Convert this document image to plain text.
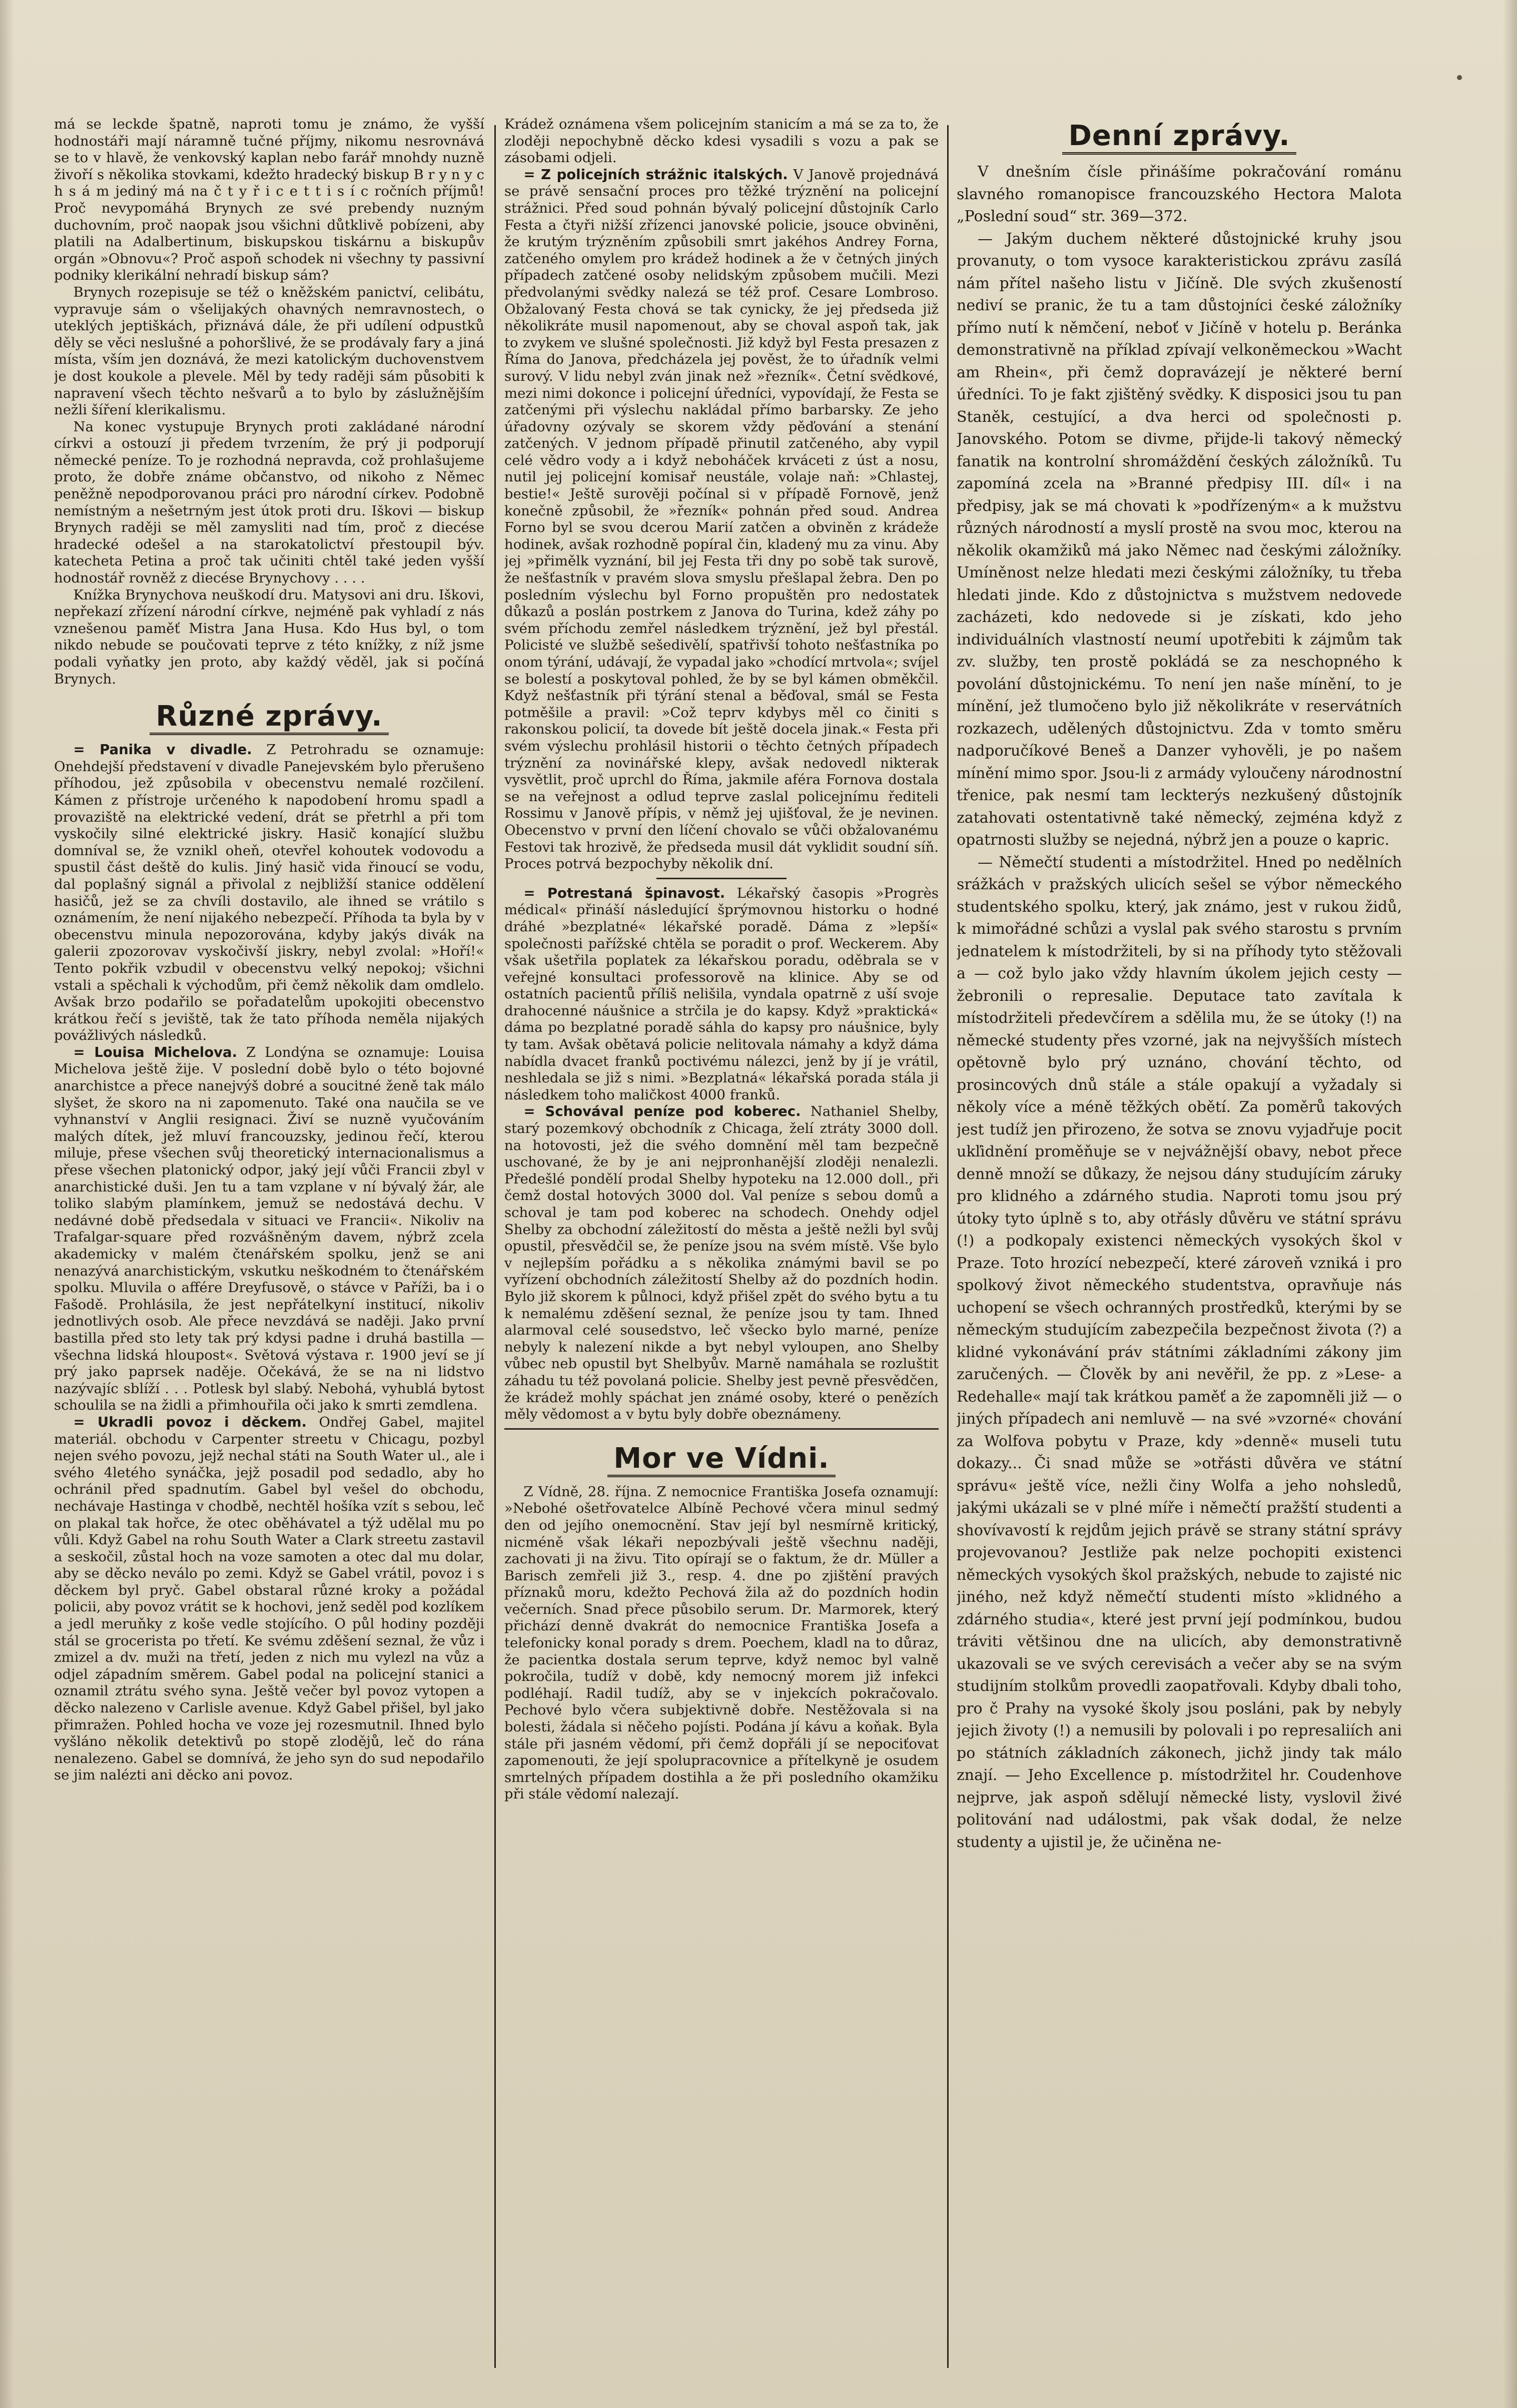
má se leckde špatně, naproti tomu je známo, že vyšší hodnostáři mají náramně tučné příjmy, nikomu nesrovnává se to v hlavě, že venkovský kaplan nebo farář mnohdy nuzně živoří s několika stovkami, kdežto hradecký biskup B r y n y c h s á m jediný má na č t y ř i c e t t i s í c ročních příjmů! Proč nevypomáhá Brynych ze své prebendy nuzným duchovním, proč naopak jsou všichni důtklivě pobízeni, aby platili na Adalbertinum, biskupskou tiskárnu a biskupův orgán »Obnovu«? Proč aspoň schodek ni všechny ty passivní podniky klerikální nehradí biskup sám?

Brynych rozepisuje se též o kněžském panictví, celibátu, vypravuje sám o všelijakých ohavných nemravnostech, o uteklých jeptiškách, přiznává dále, že při udílení odpustků děly se věci neslušné a pohoršlivé, že se prodávaly fary a jiná místa, vším jen doznává, že mezi katolickým duchovenstvem je dost koukole a plevele. Měl by tedy raději sám působiti k napravení všech těchto nešvarů a to bylo by záslužnějším nežli šíření klerikalismu.

Na konec vystupuje Brynych proti zakládané národní církvi a ostouzí ji předem tvrzením, že prý ji podporují německé peníze. To je rozhodná nepravda, což prohlašujeme proto, že dobře známe občanstvo, od nikoho z Němec peněžně nepodporovanou práci pro národní církev. Podobně nemístným a nešetrným jest útok proti dru. Iškovi — biskup Brynych raději se měl zamysliti nad tím, proč z diecése hradecké odešel a na starokatolictví přestoupil býv. katecheta Petina a proč tak učiniti chtěl také jeden vyšší hodnostář rovněž z diecése Brynychovy . . . .

Knížka Brynychova neuškodí dru. Matysovi ani dru. Iškovi, nepřekazí zřízení národní církve, nejméně pak vyhladí z nás vznešenou paměť Mistra Jana Husa. Kdo Hus byl, o tom nikdo nebude se poučovati teprve z této knížky, z níž jsme podali vyňatky jen proto, aby každý věděl, jak si počíná Brynych.

Různé zprávy.

= Panika v divadle. Z Petrohradu se oznamuje: Onehdejší představení v divadle Panejevském bylo přerušeno příhodou, jež způsobila v obecenstvu nemalé rozčilení. Kámen z přístroje určeného k napodobení hromu spadl a provaziště na elektrické vedení, drát se přetrhl a při tom vyskočily silné elektrické jiskry. Hasič konající službu domníval se, že vznikl oheň, otevřel kohoutek vodovodu a spustil část deště do kulis. Jiný hasič vida řinoucí se vodu, dal poplašný signál a přivolal z nejbližší stanice oddělení hasičů, jež se za chvíli dostavilo, ale ihned se vrátilo s oznámením, že není nijakého nebezpečí. Příhoda ta byla by v obecenstvu minula nepozorována, kdyby jakýs divák na galerii zpozorovav vyskočivší jiskry, nebyl zvolal: »Hoří!« Tento pokřik vzbudil v obecenstvu velký nepokoj; všichni vstali a spěchali k východům, při čemž několik dam omdlelo. Avšak brzo podařilo se pořadatelům upokojiti obecenstvo krátkou řečí s jeviště, tak že tato příhoda neměla nijakých povážlivých následků.

= Louisa Michelova. Z Londýna se oznamuje: Louisa Michelova ještě žije. V poslední době bylo o této bojovné anarchistce a přece nanejvýš dobré a soucitné ženě tak málo slyšet, že skoro na ni zapomenuto. Také ona naučila se ve vyhnanství v Anglii resignaci. Živí se nuzně vyučováním malých dítek, jež mluví francouzsky, jedinou řečí, kterou miluje, přese všechen svůj theoretický internacionalismus a přese všechen platonický odpor, jaký její vůči Francii zbyl v anarchistické duši. Jen tu a tam vzplane v ní bývalý žár, ale toliko slabým plamínkem, jemuž se nedostává dechu. V nedávné době předsedala v situaci ve Francii«. Nikoliv na Trafalgar-square před rozvášněným davem, nýbrž zcela akademicky v malém čtenářském spolku, jenž se ani nenazývá anarchistickým, vskutku neškodném to čtenářském spolku. Mluvila o affére Dreyfusově, o stávce v Paříži, ba i o Fašodě. Prohlásila, že jest nepřátelkyní institucí, nikoliv jednotlivých osob. Ale přece nevzdává se naději. Jako první bastilla před sto lety tak prý kdysi padne i druhá bastilla — všechna lidská hloupost«. Světová výstava r. 1900 jeví se jí prý jako paprsek naděje. Očekává, že se na ni lidstvo nazývajíc sblíží . . . Potlesk byl slabý. Nebohá, vyhublá bytost schoulila se na židli a přimhouřila oči jako k smrti zemdlena.

= Ukradli povoz i děckem. Ondřej Gabel, majitel materiál. obchodu v Carpenter streetu v Chicagu, pozbyl nejen svého povozu, jejž nechal státi na South Water ul., ale i svého 4letého synáčka, jejž posadil pod sedadlo, aby ho ochránil před spadnutím. Gabel byl vešel do obchodu, nechávaje Hastinga v chodbě, nechtěl hošíka vzít s sebou, leč on plakal tak hořce, že otec oběhávatel a týž udělal mu po vůli. Když Gabel na rohu South Water a Clark streetu zastavil a seskočil, zůstal hoch na voze samoten a otec dal mu dolar, aby se děcko neválo po zemi. Když se Gabel vrátil, povoz i s děckem byl pryč. Gabel obstaral různé kroky a požádal policii, aby povoz vrátit se k hochovi, jenž seděl pod kozlíkem a jedl meruňky z koše vedle stojícího. O půl hodiny později stál se grocerista po třetí. Ke svému zděšení seznal, že vůz i zmizel a dv. muži na třetí, jeden z nich mu vylezl na vůz a odjel západním směrem. Gabel podal na policejní stanici a oznamil ztrátu svého syna. Ještě večer byl povoz vytopen a děcko nalezeno v Carlisle avenue. Když Gabel přišel, byl jako přimražen. Pohled hocha ve voze jej rozesmutnil. Ihned bylo vyšláno několik detektivů po stopě zlodějů, leč do rána nenalezeno. Gabel se domnívá, že jeho syn do sud nepodařilo se jim nalézti ani děcko ani povoz.

Krádež oznámena všem policejním stanicím a má se za to, že zloději nepochybně děcko kdesi vysadili s vozu a pak se zásobami odjeli.

= Z policejních strážnic italských. V Janově projednává se právě sensační proces pro těžké trýznění na policejní strážnici. Před soud pohnán bývalý policejní důstojník Carlo Festa a čtyři nižší zřízenci janovské policie, jsouce obviněni, že krutým trýzněním způsobili smrt jakéhos Andrey Forna, zatčeného omylem pro krádež hodinek a že v četných jiných případech zatčené osoby nelidským způsobem mučili. Mezi předvolanými svědky nalezá se též prof. Cesare Lombroso. Obžalovaný Festa chová se tak cynicky, že jej předseda již několikráte musil napomenout, aby se choval aspoň tak, jak to zvykem ve slušné společnosti. Již když byl Festa presazen z Říma do Janova, předcházela jej pověst, že to úřadník velmi surový. V lidu nebyl zván jinak než »řezník«. Četní svědkové, mezi nimi dokonce i policejní úředníci, vypovídají, že Festa se zatčenými při výslechu nakládal přímo barbarsky. Ze jeho úřadovny ozývaly se skorem vždy pěďování a stenání zatčených. V jednom případě přinutil zatčeného, aby vypil celé vědro vody a i když neboháček krváceti z úst a nosu, nutil jej policejní komisař neustále, volaje naň: »Chlastej, bestie!« Ještě surověji počínal si v případě Fornově, jenž konečně způsobil, že »řezník« pohnán před soud. Andrea Forno byl se svou dcerou Marií zatčen a obviněn z krádeže hodinek, avšak rozhodně popíral čin, kladený mu za vinu. Aby jej »přimělk vyznání, bil jej Festa tři dny po sobě tak surově, že nešťastník v pravém slova smyslu přešlapal žebra. Den po posledním výslechu byl Forno propuštěn pro nedostatek důkazů a poslán postrkem z Janova do Turina, kdež záhy po svém příchodu zemřel následkem trýznění, jež byl přestál. Policisté ve službě sešedivělí, spatřivší tohoto nešťastníka po onom týrání, udávají, že vypadal jako »chodící mrtvola«; svíjel se bolestí a poskytoval pohled, že by se byl kámen obměkčil. Když nešťastník při týrání stenal a běďoval, smál se Festa potměšile a pravil: »Což teprv kdybys měl co činiti s rakonskou policií, ta dovede bít ještě docela jinak.« Festa při svém výslechu prohlásil historii o těchto četných případech trýznění za novinářské klepy, avšak nedovedl nikterak vysvětlit, proč uprchl do Říma, jakmile aféra Fornova dostala se na veřejnost a odlud teprve zaslal policejnímu řediteli Rossimu v Janově přípis, v němž jej ujišťoval, že je nevinen. Obecenstvo v první den líčení chovalo se vůči obžalovanému Festovi tak hrozivě, že předseda musil dát vyklidit soudní síň. Proces potrvá bezpochyby několik dní.

= Potrestaná špinavost. Lékařský časopis »Progrès médical« přináší následující šprýmovnou historku o hodné dráhé »bezplatné« lékařské poradě. Dáma z »lepší« společnosti pařížské chtěla se poradit o prof. Weckerem. Aby však ušetřila poplatek za lékařskou poradu, oděbrala se v veřejné konsultaci professorově na klinice. Aby se od ostatních pacientů příliš nelišila, vyndala opatrně z uší svoje drahocenné náušnice a strčila je do kapsy. Když »praktická« dáma po bezplatné poradě sáhla do kapsy pro náušnice, byly ty tam. Avšak obětavá policie nelitovala námahy a když dáma nabídla dvacet franků poctivému nálezci, jenž by jí je vrátil, neshledala se již s nimi. »Bezplatná« lékařská porada stála ji následkem toho maličkost 4000 franků.

= Schovával peníze pod koberec. Nathaniel Shelby, starý pozemkový obchodník z Chicaga, želí ztráty 3000 doll. na hotovosti, jež die svého domnění měl tam bezpečně uschované, že by je ani nejpronhanější zloději nenalezli. Předešlé pondělí prodal Shelby hypoteku na 12.000 doll., při čemž dostal hotových 3000 dol. Val peníze s sebou domů a schoval je tam pod koberec na schodech. Onehdy odjel Shelby za obchodní záležitostí do města a ještě nežli byl svůj opustil, přesvědčil se, že peníze jsou na svém místě. Vše bylo v nejlepším pořádku a s několika známými bavil se po vyřízení obchodních záležitostí Shelby až do pozdních hodin. Bylo již skorem k půlnoci, když přišel zpět do svého bytu a tu k nemalému zděšení seznal, že peníze jsou ty tam. Ihned alarmoval celé sousedstvo, leč všecko bylo marné, peníze nebyly k nalezení nikde a byt nebyl vyloupen, ano Shelby vůbec neb opustil byt Shelbyův. Marně namáhala se rozluštit záhadu tu též povolaná policie. Shelby jest pevně přesvědčen, že krádež mohly spáchat jen známé osoby, které o penězích měly vědomost a v bytu byly dobře obeznámeny.

Mor ve Vídni.

Z Vídně, 28. října. Z nemocnice Františka Josefa oznamují: »Nebohé ošetřovatelce Albíně Pechové včera minul sedmý den od jejího onemocnění. Stav její byl nesmírně kritický, nicméně však lékaři nepozbývali ještě všechnu naději, zachovati ji na živu. Tito opírají se o faktum, že dr. Müller a Barisch zemřeli již 3., resp. 4. dne po zjištění pravých příznaků moru, kdežto Pechová žila až do pozdních hodin večerních. Snad přece působilo serum. Dr. Marmorek, který přichází denně dvakrát do nemocnice Františka Josefa a telefonicky konal porady s drem. Poechem, kladl na to důraz, že pacientka dostala serum teprve, když nemoc byl valně pokročila, tudíž v době, kdy nemocný morem již infekci podléhají. Radil tudíž, aby se v injekcích pokračovalo. Pechové bylo včera subjektivně dobře. Nestěžovala si na bolesti, žádala si něčeho pojísti. Podána jí kávu a koňak. Byla stále při jasném vědomí, při čemž dopřáli jí se nepociťovat zapomenouti, že její spolupracovnice a přítelkyně je osudem smrtelných případem dostihla a že při posledního okamžiku při stále vědomí nalezají.

Denní zprávy.

V dnešním čísle přinášíme pokračování románu slavného romanopisce francouzského Hectora Malota „Poslední soud“ str. 369—372.

— Jakým duchem některé důstojnické kruhy jsou provanuty, o tom vysoce karakteristickou zprávu zasílá nám přítel našeho listu v Jičíně. Dle svých zkušeností nediví se pranic, že tu a tam důstojníci české záložníky přímo nutí k němčení, neboť v Jičíně v hotelu p. Beránka demonstrativně na příklad zpívají velkoněmeckou »Wacht am Rhein«, při čemž dopravázejí je některé berní úředníci. To je fakt zjištěný svědky. K disposici jsou tu pan Staněk, cestující, a dva herci od společnosti p. Janovského. Potom se divme, přijde-li takový německý fanatik na kontrolní shromáždění českých záložníků. Tu zapomíná zcela na »Branné předpisy III. díl« i na předpisy, jak se má chovati k »podřízeným« a k mužstvu různých národností a myslí prostě na svou moc, kterou na několik okamžiků má jako Němec nad českými záložníky. Umíněnost nelze hledati mezi českými záložníky, tu třeba hledati jinde. Kdo z důstojnictva s mužstvem nedovede zacházeti, kdo nedovede si je získati, kdo jeho individuálních vlastností neumí upotřebiti k zájmům tak zv. služby, ten prostě pokládá se za neschopného k povolání důstojnickému. To není jen naše mínění, to je mínění, jež tlumočeno bylo již několikráte v reservátních rozkazech, udělených důstojnictvu. Zda v tomto směru nadporučíkové Beneš a Danzer vyhověli, je po našem mínění mimo spor. Jsou-li z armády vyloučeny národnostní třenice, pak nesmí tam leckterýs nezkušený důstojník zatahovati ostentativně také německý, zejména když z opatrnosti služby se nejedná, nýbrž jen a pouze o kapric.

— Němečtí studenti a místodržitel. Hned po nedělních srážkách v pražských ulicích sešel se výbor německého studentského spolku, který, jak známo, jest v rukou židů, k mimořádné schůzi a vyslal pak svého starostu s prvním jednatelem k místodržiteli, by si na příhody tyto stěžovali a — což bylo jako vždy hlavním úkolem jejich cesty — žebronili o represalie. Deputace tato zavítala k místodržiteli předevčírem a sdělila mu, že se útoky (!) na německé studenty přes vzorné, jak na nejvyšších místech opětovně bylo prý uznáno, chování těchto, od prosincových dnů stále a stále opakují a vyžadaly si několy více a méně těžkých obětí. Za poměrů takových jest tudíž jen přirozeno, že sotva se znovu vyjadřuje pocit ukľidnění proměňuje se v nejvážnější obavy, nebot přece denně množí se důkazy, že nejsou dány studujícím záruky pro klidného a zdárného studia. Naproti tomu jsou prý útoky tyto úplně s to, aby otřásly důvěru ve státní správu (!) a podkopaly existenci německých vysokých škol v Praze. Toto hrozící nebezpečí, které zároveň vzniká i pro spolkový život německého studentstva, opravňuje nás uchopení se všech ochranných prostředků, kterými by se německým studujícím zabezpečila bezpečnost života (?) a klidné vykonávání práv státními základními zákony jim zaručených. — Člověk by ani nevěřil, že pp. z »Lese- a Redehalle« mají tak krátkou paměť a že zapomněli již — o jiných případech ani nemluvě — na své »vzorné« chování za Wolfova pobytu v Praze, kdy »denně« museli tutu dokazy... Či snad může se »otřásti důvěra ve státní správu« ještě více, nežli činy Wolfa a jeho nohsledů, jakými ukázali se v plné míře i němečtí pražští studenti a shovívavostí k rejdům jejich právě se strany státní správy projevovanou? Jestliže pak nelze pochopiti existenci německých vysokých škol pražských, nebude to zajisté nic jiného, než když němečtí studenti místo »klidného a zdárného studia«, které jest první její podmínkou, budou tráviti většinou dne na ulicích, aby demonstrativně ukazovali se ve svých cerevisách a večer aby se na svým studijním stolkům provedli zaopatřovali. Kdyby dbali toho, pro č Prahy na vysoké školy jsou posláni, pak by nebyly jejich životy (!) a nemusili by polovali i po represaliích ani po státních základních zákonech, jichž jindy tak málo znají. — Jeho Excellence p. místodržitel hr. Coudenhove nejprve, jak aspoň sdělují německé listy, vyslovil živé politování nad událostmi, pak však dodal, že nelze studenty a ujistil je, že učiněna ne-
